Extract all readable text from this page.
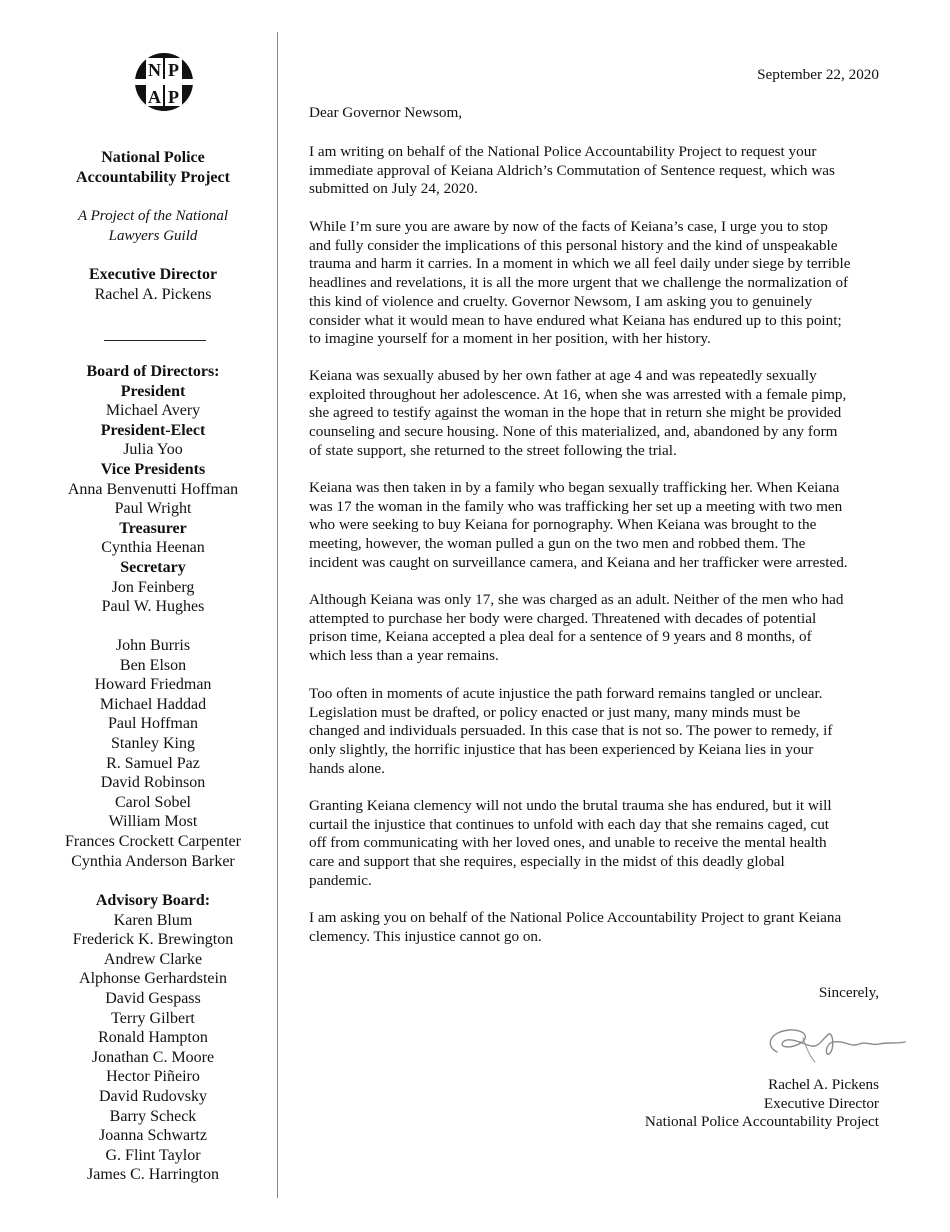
N P
A P
National Police
Accountability Project
A Project of the National
Lawyers Guild
Executive Director
Rachel A. Pickens
Board of Directors:
President
Michael Avery
President-Elect
Julia Yoo
Vice Presidents
Anna Benvenutti Hoffman
Paul Wright
Treasurer
Cynthia Heenan
Secretary
Jon Feinberg
Paul W. Hughes
John Burris
Ben Elson
Howard Friedman
Michael Haddad
Paul Hoffman
Stanley King
R. Samuel Paz
David Robinson
Carol Sobel
William Most
Frances Crockett Carpenter
Cynthia Anderson Barker
Advisory Board:
Karen Blum
Frederick K. Brewington
Andrew Clarke
Alphonse Gerhardstein
David Gespass
Terry Gilbert
Ronald Hampton
Jonathan C. Moore
Hector Piñeiro
David Rudovsky
Barry Scheck
Joanna Schwartz
G. Flint Taylor
James C. Harrington
September 22, 2020
Dear Governor Newsom,
I am writing on behalf of the National Police Accountability Project to request your
immediate approval of Keiana Aldrich’s Commutation of Sentence request, which was
submitted on July 24, 2020.
While I’m sure you are aware by now of the facts of Keiana’s case, I urge you to stop
and fully consider the implications of this personal history and the kind of unspeakable
trauma and harm it carries. In a moment in which we all feel daily under siege by terrible
headlines and revelations, it is all the more urgent that we challenge the normalization of
this kind of violence and cruelty. Governor Newsom, I am asking you to genuinely
consider what it would mean to have endured what Keiana has endured up to this point;
to imagine yourself for a moment in her position, with her history.
Keiana was sexually abused by her own father at age 4 and was repeatedly sexually
exploited throughout her adolescence. At 16, when she was arrested with a female pimp,
she agreed to testify against the woman in the hope that in return she might be provided
counseling and secure housing. None of this materialized, and, abandoned by any form
of state support, she returned to the street following the trial.
Keiana was then taken in by a family who began sexually trafficking her. When Keiana
was 17 the woman in the family who was trafficking her set up a meeting with two men
who were seeking to buy Keiana for pornography. When Keiana was brought to the
meeting, however, the woman pulled a gun on the two men and robbed them. The
incident was caught on surveillance camera, and Keiana and her trafficker were arrested.
Although Keiana was only 17, she was charged as an adult. Neither of the men who had
attempted to purchase her body were charged. Threatened with decades of potential
prison time, Keiana accepted a plea deal for a sentence of 9 years and 8 months, of
which less than a year remains.
Too often in moments of acute injustice the path forward remains tangled or unclear.
Legislation must be drafted, or policy enacted or just many, many minds must be
changed and individuals persuaded. In this case that is not so. The power to remedy, if
only slightly, the horrific injustice that has been experienced by Keiana lies in your
hands alone.
Granting Keiana clemency will not undo the brutal trauma she has endured, but it will
curtail the injustice that continues to unfold with each day that she remains caged, cut
off from communicating with her loved ones, and unable to receive the mental health
care and support that she requires, especially in the midst of this deadly global
pandemic.
I am asking you on behalf of the National Police Accountability Project to grant Keiana
clemency. This injustice cannot go on.
Sincerely,
Rachel A. Pickens
Executive Director
National Police Accountability Project
